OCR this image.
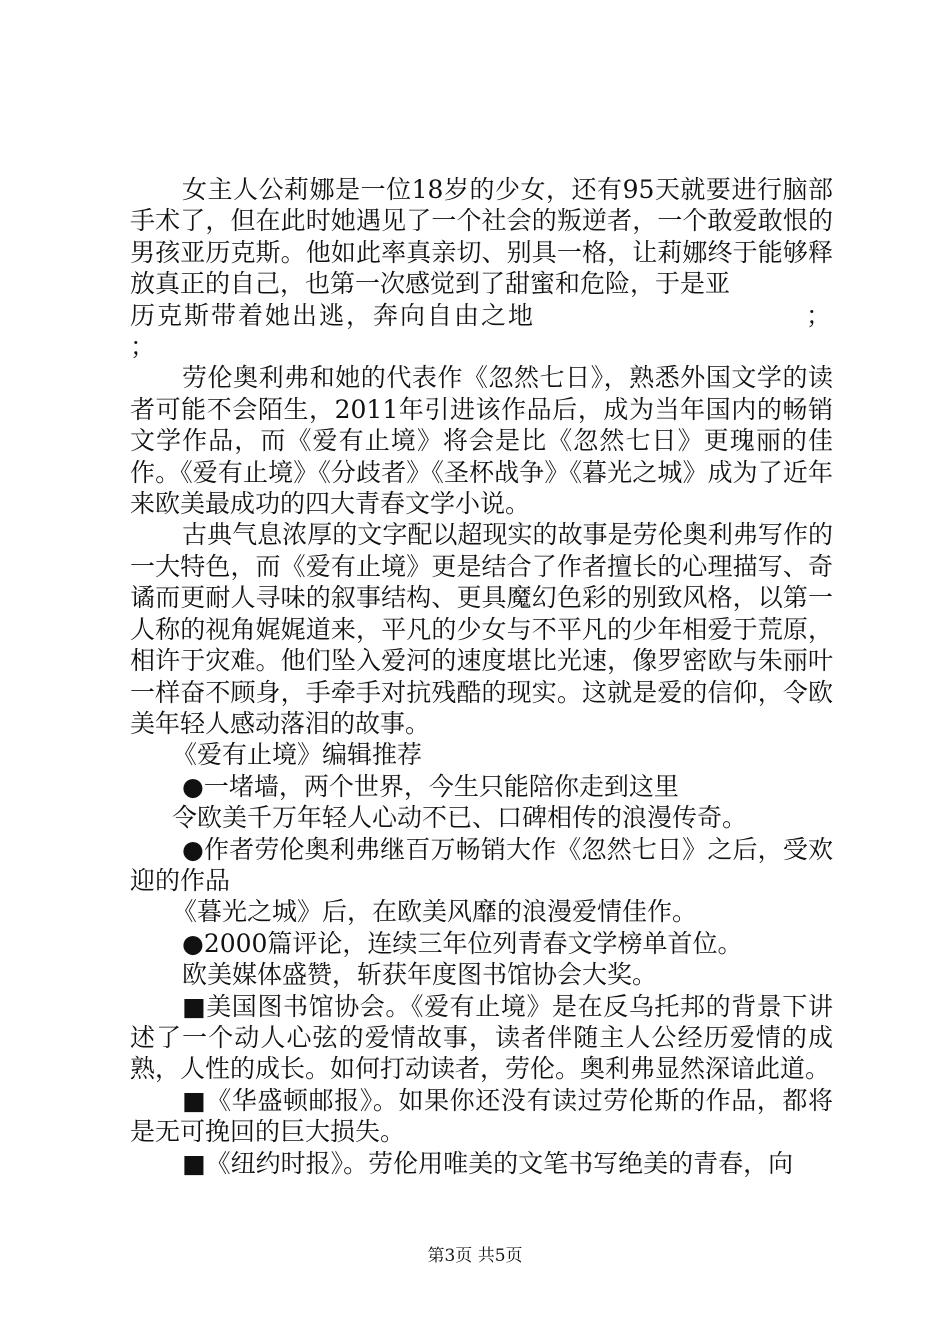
女主人公莉娜是一位18岁的少女，还有95天就要进行脑部手术了，但在此时她遇见了一个社会的叛逆者，一个敢爱敢恨的男孩亚历克斯。他如此率真亲切、别具一格，让莉娜终于能够释放真正的自己，也第一次感觉到了甜蜜和危险，于是亚

历克斯带着她出逃，奔向自由之地	；

；

劳伦奥利弗和她的代表作《忽然七日》，熟悉外国文学的读者可能不会陌生，2011年引进该作品后，成为当年国内的畅销文学作品，而《爱有止境》将会是比《忽然七日》更瑰丽的佳作。《爱有止境》《分歧者》《圣杯战争》《暮光之城》成为了近年来欧美最成功的四大青春文学小说。

古典气息浓厚的文字配以超现实的故事是劳伦奥利弗写作的一大特色，而《爱有止境》更是结合了作者擅长的心理描写、奇谲而更耐人寻味的叙事结构、更具魔幻色彩的别致风格，以第一人称的视角娓娓道来，平凡的少女与不平凡的少年相爱于荒原，相许于灾难。他们坠入爱河的速度堪比光速，像罗密欧与朱丽叶一样奋不顾身，手牵手对抗残酷的现实。这就是爱的信仰，令欧美年轻人感动落泪的故事。

《爱有止境》编辑推荐

●一堵墙，两个世界，今生只能陪你走到这里

令欧美千万年轻人心动不已、口碑相传的浪漫传奇。

●作者劳伦奥利弗继百万畅销大作《忽然七日》之后，受欢迎的作品

《暮光之城》后，在欧美风靡的浪漫爱情佳作。

●2000篇评论，连续三年位列青春文学榜单首位。

欧美媒体盛赞，斩获年度图书馆协会大奖。

■美国图书馆协会。《爱有止境》是在反乌托邦的背景下讲述了一个动人心弦的爱情故事，读者伴随主人公经历爱情的成熟，人性的成长。如何打动读者，劳伦。奥利弗显然深谙此道。

■《华盛顿邮报》。如果你还没有读过劳伦斯的作品，都将是无可挽回的巨大损失。

■《纽约时报》。劳伦用唯美的文笔书写绝美的青春，向

第3页 共5页
